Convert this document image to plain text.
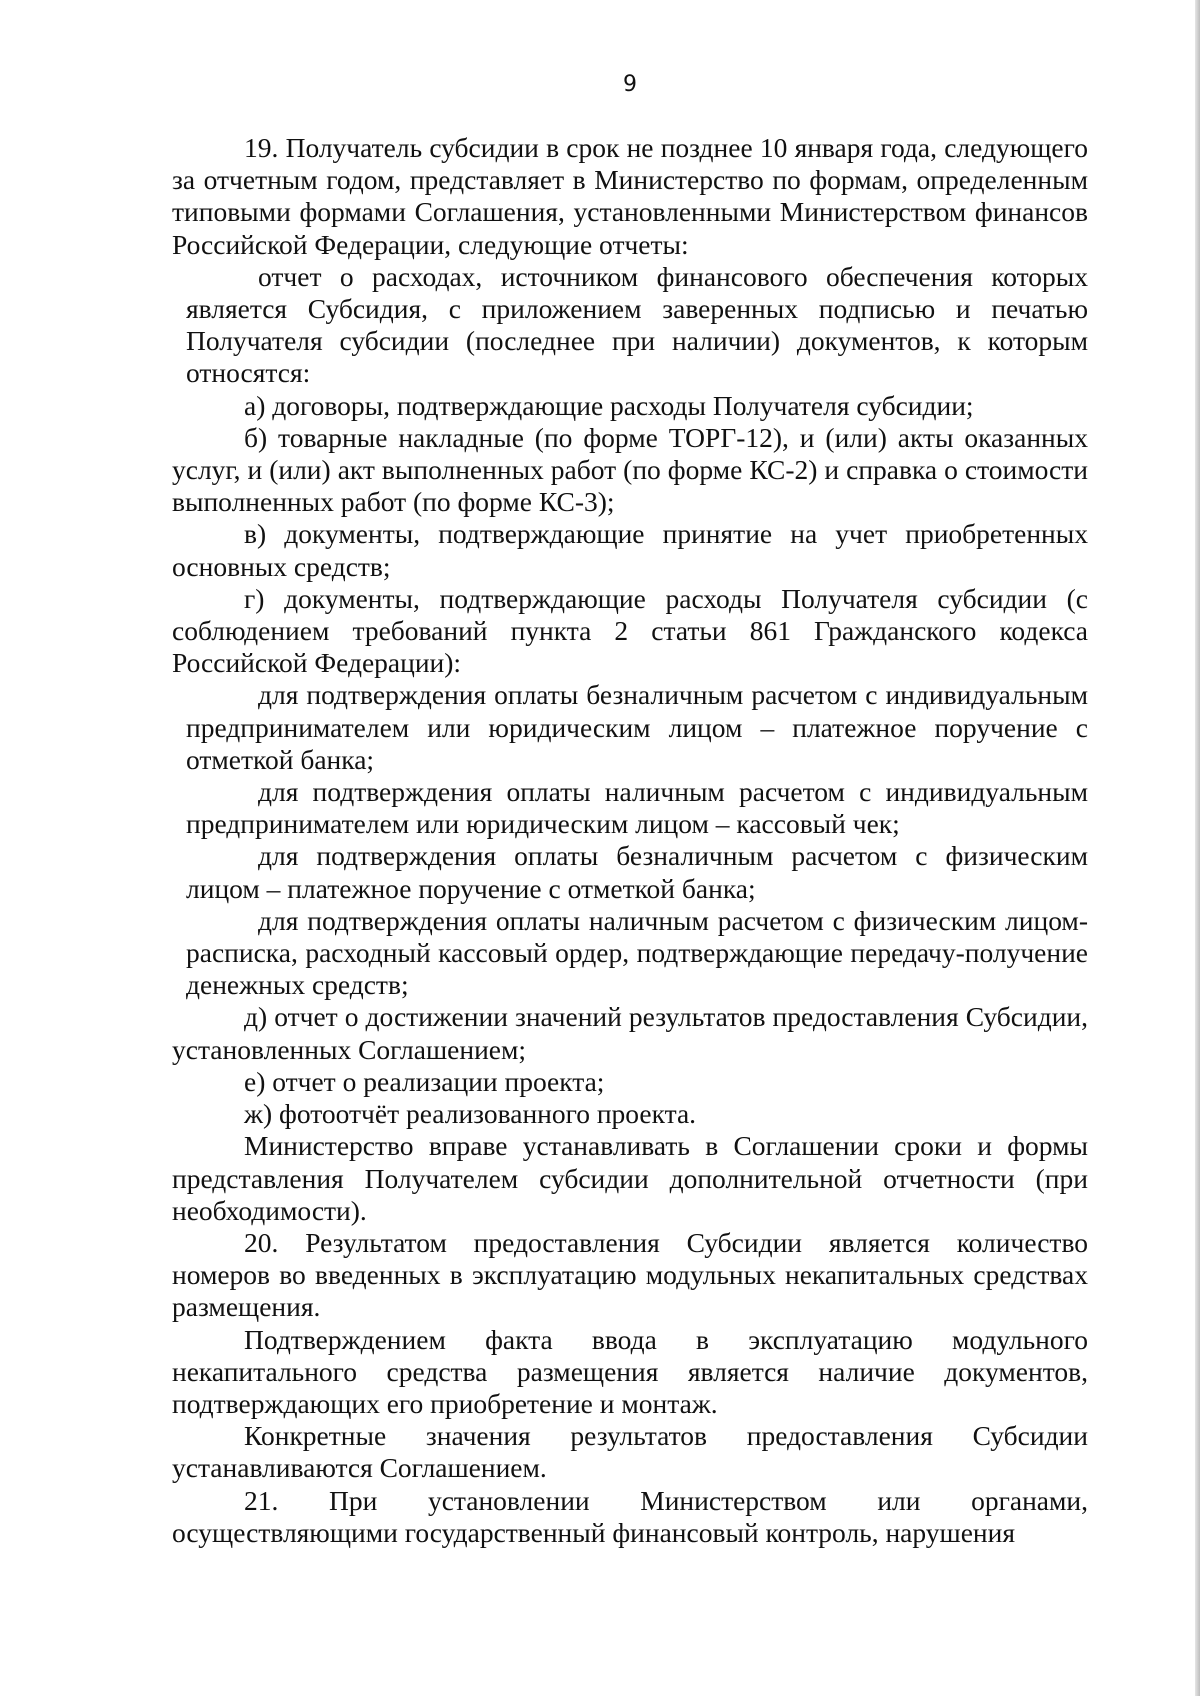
9

19. Получатель субсидии в срок не позднее 10 января года, следующего за отчетным годом, представляет в Министерство по формам, определенным типовыми формами Соглашения, установленными Министерством финансов Российской Федерации, следующие отчеты:

отчет о расходах, источником финансового обеспечения которых является Субсидия, с приложением заверенных подписью и печатью Получателя субсидии (последнее при наличии) документов, к которым относятся:

а) договоры, подтверждающие расходы Получателя субсидии;

б) товарные накладные (по форме ТОРГ-12), и (или) акты оказанных услуг, и (или) акт выполненных работ (по форме КС-2) и справка о стоимости выполненных работ (по форме КС-3);

в) документы, подтверждающие принятие на учет приобретенных основных средств;

г) документы, подтверждающие расходы Получателя субсидии (с соблюдением требований пункта 2 статьи 861 Гражданского кодекса Российской Федерации):

для подтверждения оплаты безналичным расчетом с индивидуальным предпринимателем или юридическим лицом – платежное поручение с отметкой банка;

для подтверждения оплаты наличным расчетом с индивидуальным предпринимателем или юридическим лицом – кассовый чек;

для подтверждения оплаты безналичным расчетом с физическим лицом – платежное поручение с отметкой банка;

для подтверждения оплаты наличным расчетом с физическим лицом-расписка, расходный кассовый ордер, подтверждающие передачу-получение денежных средств;

д) отчет о достижении значений результатов предоставления Субсидии, установленных Соглашением;

е) отчет о реализации проекта;

ж) фотоотчёт реализованного проекта.

Министерство вправе устанавливать в Соглашении сроки и формы представления Получателем субсидии дополнительной отчетности (при необходимости).

20. Результатом предоставления Субсидии является количество номеров во введенных в эксплуатацию модульных некапитальных средствах размещения.

Подтверждением факта ввода в эксплуатацию модульного некапитального средства размещения является наличие документов, подтверждающих его приобретение и монтаж.

Конкретные значения результатов предоставления Субсидии устанавливаются Соглашением.

21. При установлении Министерством или органами, осуществляющими государственный финансовый контроль, нарушения
